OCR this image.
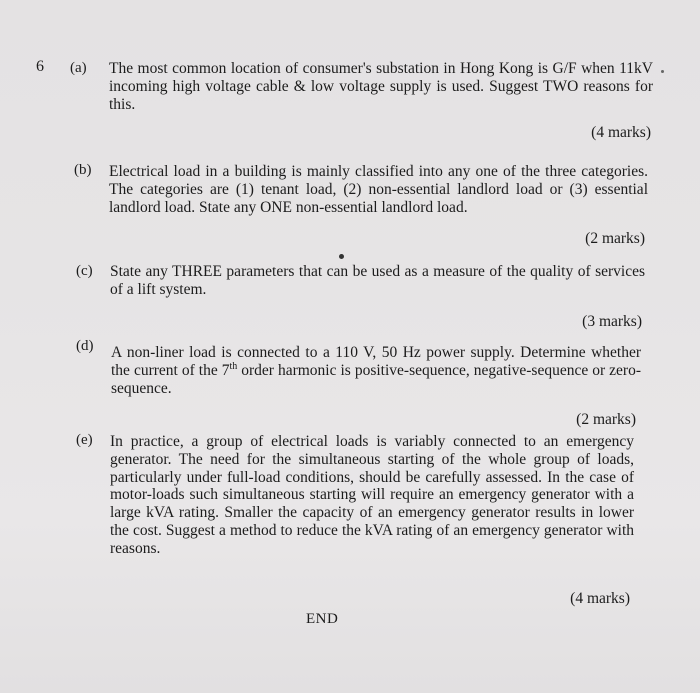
6 (a) The most common location of consumer's substation in Hong Kong is G/F when 11kV incoming high voltage cable & low voltage supply is used. Suggest TWO reasons for this.
(4 marks)
(b) Electrical load in a building is mainly classified into any one of the three categories. The categories are (1) tenant load, (2) non-essential landlord load or (3) essential landlord load. State any ONE non-essential landlord load.
(2 marks)
(c) State any THREE parameters that can be used as a measure of the quality of services of a lift system.
(3 marks)
(d) A non-liner load is connected to a 110 V, 50 Hz power supply. Determine whether the current of the 7th order harmonic is positive-sequence, negative-sequence or zero-sequence.
(2 marks)
(e) In practice, a group of electrical loads is variably connected to an emergency generator. The need for the simultaneous starting of the whole group of loads, particularly under full-load conditions, should be carefully assessed. In the case of motor-loads such simultaneous starting will require an emergency generator with a large kVA rating. Smaller the capacity of an emergency generator results in lower the cost. Suggest a method to reduce the kVA rating of an emergency generator with reasons.
(4 marks)
END
